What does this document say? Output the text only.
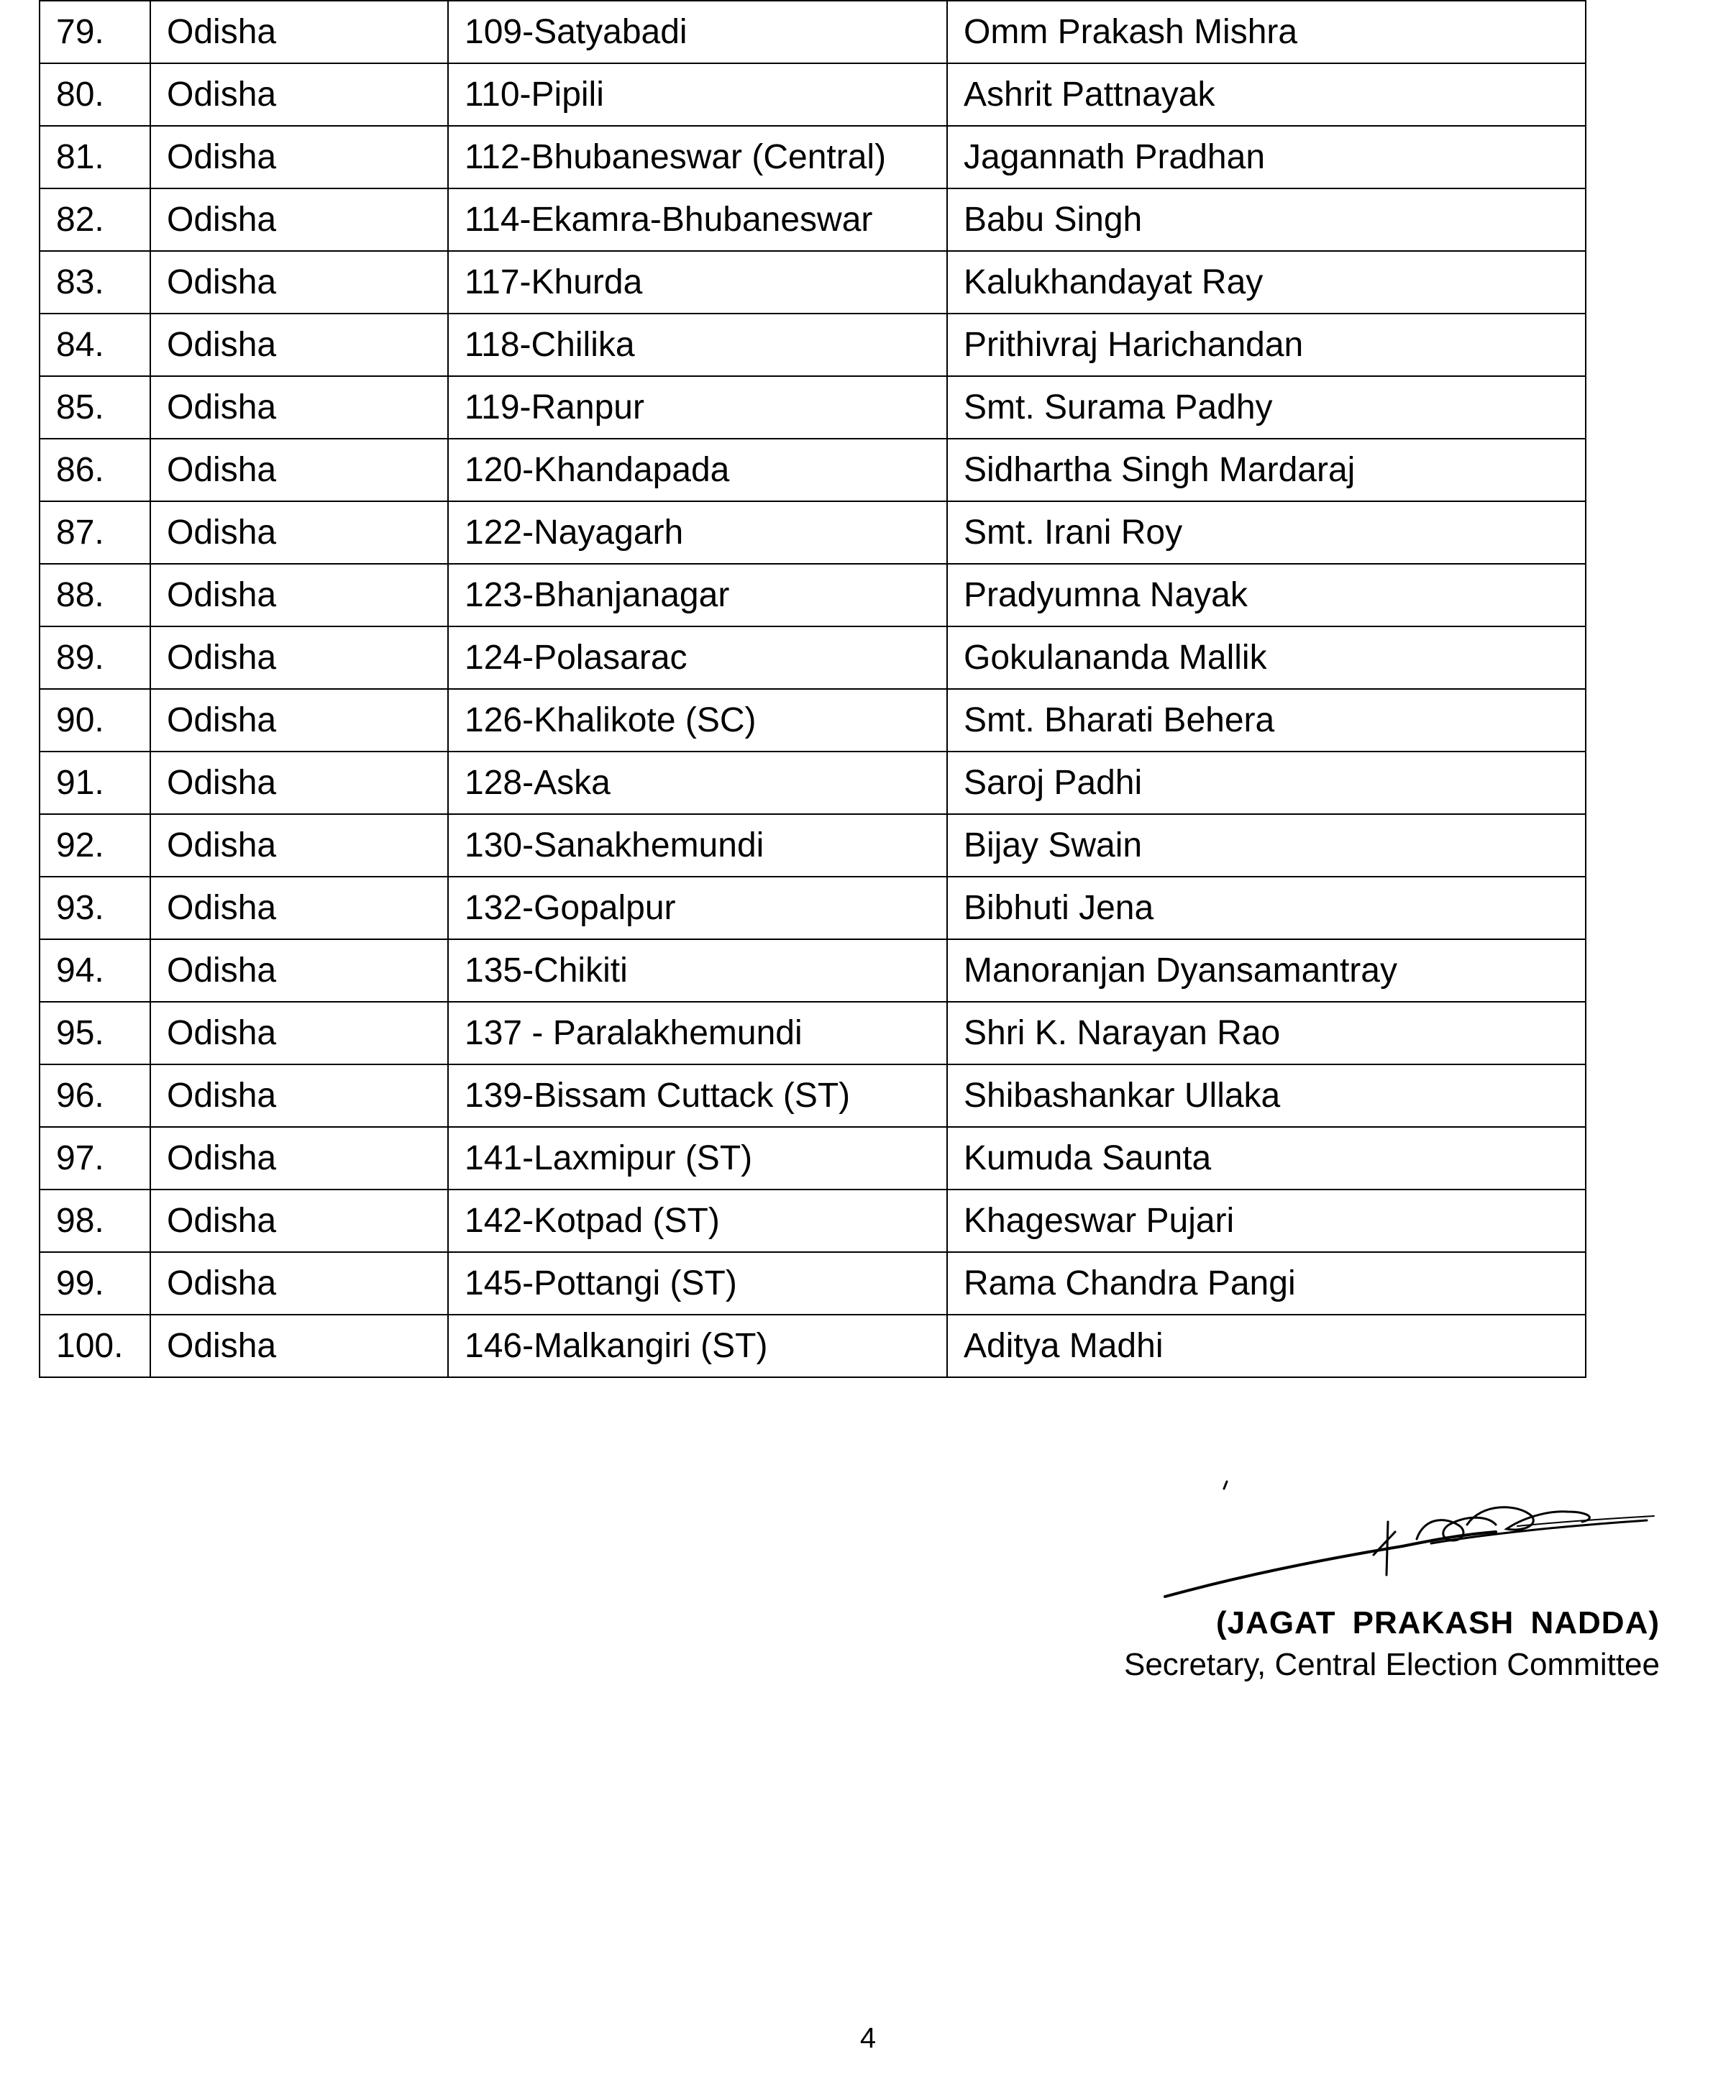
79.	Odisha	109-Satyabadi	Omm Prakash Mishra
80.	Odisha	110-Pipili	Ashrit Pattnayak
81.	Odisha	112-Bhubaneswar (Central)	Jagannath Pradhan
82.	Odisha	114-Ekamra-Bhubaneswar	Babu Singh
83.	Odisha	117-Khurda	Kalukhandayat Ray
84.	Odisha	118-Chilika	Prithivraj Harichandan
85.	Odisha	119-Ranpur	Smt. Surama Padhy
86.	Odisha	120-Khandapada	Sidhartha Singh Mardaraj
87.	Odisha	122-Nayagarh	Smt. Irani Roy
88.	Odisha	123-Bhanjanagar	Pradyumna Nayak
89.	Odisha	124-Polasarac	Gokulananda Mallik
90.	Odisha	126-Khalikote (SC)	Smt. Bharati Behera
91.	Odisha	128-Aska	Saroj Padhi
92.	Odisha	130-Sanakhemundi	Bijay Swain
93.	Odisha	132-Gopalpur	Bibhuti Jena
94.	Odisha	135-Chikiti	Manoranjan Dyansamantray
95.	Odisha	137 - Paralakhemundi	Shri K. Narayan Rao
96.	Odisha	139-Bissam Cuttack (ST)	Shibashankar Ullaka
97.	Odisha	141-Laxmipur (ST)	Kumuda Saunta
98.	Odisha	142-Kotpad (ST)	Khageswar Pujari
99.	Odisha	145-Pottangi (ST)	Rama Chandra Pangi
100.	Odisha	146-Malkangiri (ST)	Aditya Madhi
(JAGAT PRAKASH NADDA)
Secretary, Central Election Committee
4
